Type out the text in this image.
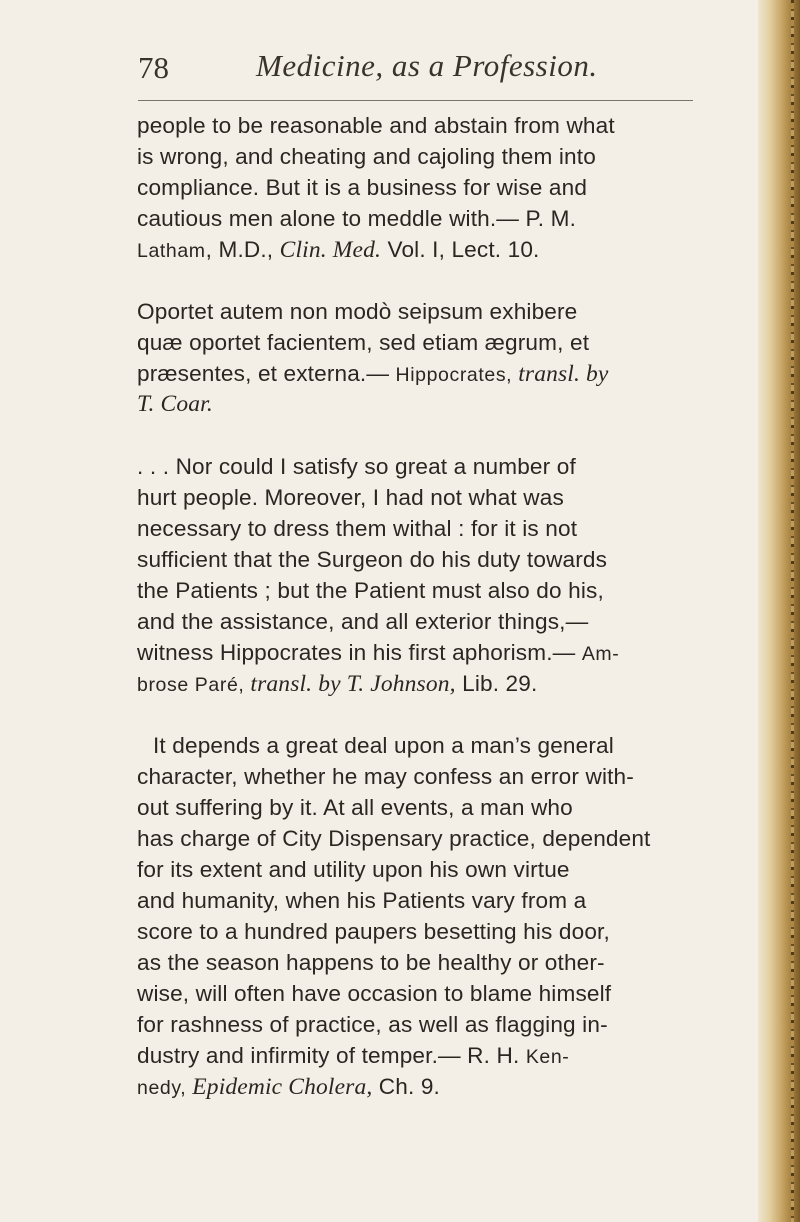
78	Medicine, as a Profession.
people to be reasonable and abstain from what
is wrong, and cheating and cajoling them into
compliance. But it is a business for wise and
cautious men alone to meddle with.— P. M.
Latham, M.D., Clin. Med. Vol. I, Lect. 10.
Oportet autem non modò seipsum exhibere
quæ oportet facientem, sed etiam ægrum, et
præsentes, et externa.— Hippocrates, transl. by
T. Coar.
. . . Nor could I satisfy so great a number of
hurt people. Moreover, I had not what was
necessary to dress them withal : for it is not
sufficient that the Surgeon do his duty towards
the Patients ; but the Patient must also do his,
and the assistance, and all exterior things,—
witness Hippocrates in his first aphorism.— Am-
brose Paré, transl. by T. Johnson, Lib. 29.
It depends a great deal upon a man’s general
character, whether he may confess an error with-
out suffering by it. At all events, a man who
has charge of City Dispensary practice, dependent
for its extent and utility upon his own virtue
and humanity, when his Patients vary from a
score to a hundred paupers besetting his door,
as the season happens to be healthy or other-
wise, will often have occasion to blame himself
for rashness of practice, as well as flagging in-
dustry and infirmity of temper.— R. H. Ken-
nedy, Epidemic Cholera, Ch. 9.
